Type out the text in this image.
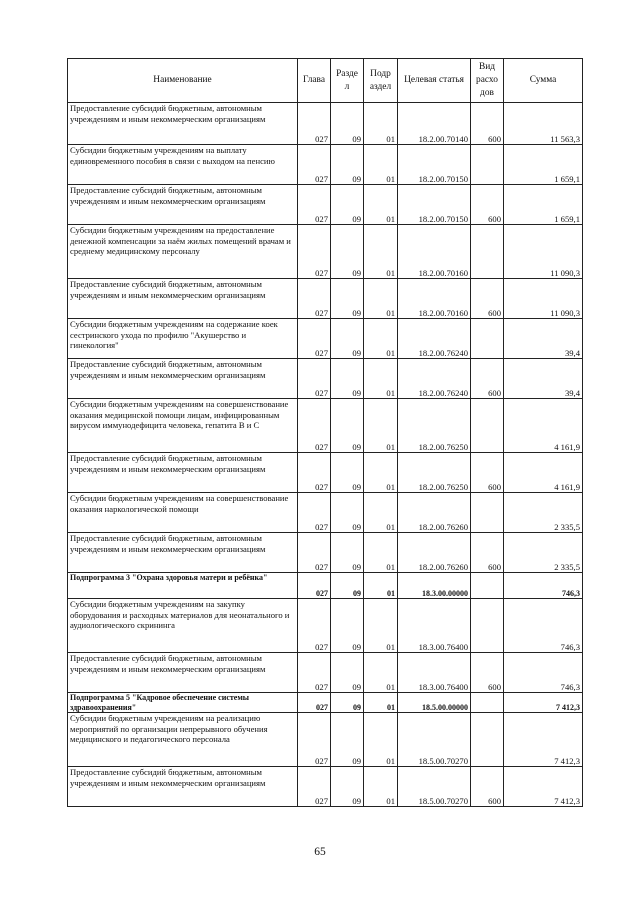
Наименование	Глава	Разде л	Подр аздел	Целевая статья	Вид расхо дов	Сумма
Предоставление субсидий бюджетным, автономным учреждениям и иным некоммерческим организациям	027	09	01	18.2.00.70140	600	11 563,3
Субсидии бюджетным учреждениям на выплату единовременного пособия в связи с выходом на пенсию	027	09	01	18.2.00.70150		1 659,1
Предоставление субсидий бюджетным, автономным учреждениям и иным некоммерческим организациям	027	09	01	18.2.00.70150	600	1 659,1
Субсидии бюджетным учреждениям на предоставление денежной компенсации за наём жилых помещений врачам и среднему медицинскому персоналу	027	09	01	18.2.00.70160		11 090,3
Предоставление субсидий бюджетным, автономным учреждениям и иным некоммерческим организациям	027	09	01	18.2.00.70160	600	11 090,3
Субсидии бюджетным учреждениям на содержание коек сестринского ухода по профилю "Акушерство и гинекология"	027	09	01	18.2.00.76240		39,4
Предоставление субсидий бюджетным, автономным учреждениям и иным некоммерческим организациям	027	09	01	18.2.00.76240	600	39,4
Субсидии бюджетным учреждениям на совершенствование оказания медицинской помощи лицам, инфицированным вирусом иммунодефицита человека, гепатита В и С	027	09	01	18.2.00.76250		4 161,9
Предоставление субсидий бюджетным, автономным учреждениям и иным некоммерческим организациям	027	09	01	18.2.00.76250	600	4 161,9
Субсидии бюджетным учреждениям на совершенствование оказания наркологической помощи	027	09	01	18.2.00.76260		2 335,5
Предоставление субсидий бюджетным, автономным учреждениям и иным некоммерческим организациям	027	09	01	18.2.00.76260	600	2 335,5
Подпрограмма 3 "Охрана здоровья матери и ребёнка"	027	09	01	18.3.00.00000		746,3
Субсидии бюджетным учреждениям на закупку оборудования и расходных материалов для неонатального и аудиологического скрининга	027	09	01	18.3.00.76400		746,3
Предоставление субсидий бюджетным, автономным учреждениям и иным некоммерческим организациям	027	09	01	18.3.00.76400	600	746,3
Подпрограмма 5 "Кадровое обеспечение системы здравоохранения"	027	09	01	18.5.00.00000		7 412,3
Субсидии бюджетным учреждениям на реализацию мероприятий по организации непрерывного обучения медицинского и педагогического персонала	027	09	01	18.5.00.70270		7 412,3
Предоставление субсидий бюджетным, автономным учреждениям и иным некоммерческим организациям	027	09	01	18.5.00.70270	600	7 412,3
65
